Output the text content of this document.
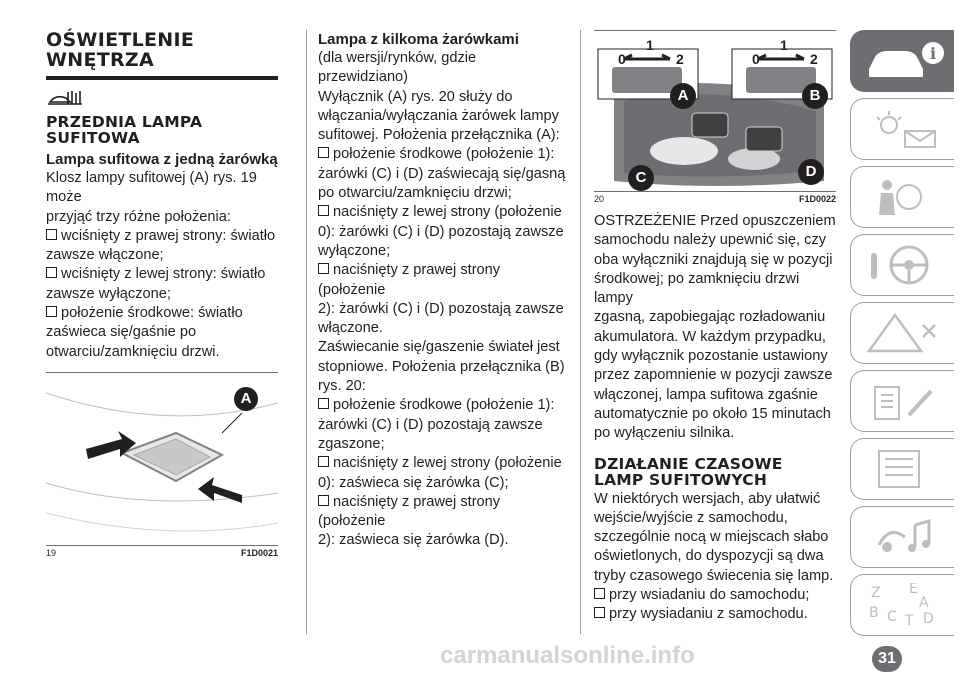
OŚWIETLENIE
WNĘTRZA
PRZEDNIA LAMPA
SUFITOWA

Lampa sufitowa z jedną żarówką

Klosz lampy sufitowej (A) rys. 19 może

przyjąć trzy różne położenia:

wciśnięty z prawej strony: światło

zawsze włączone;

wciśnięty z lewej strony: światło

zawsze wyłączone;

położenie środkowe: światło

zaświeca się/gaśnie po

otwarciu/zamknięciu drzwi.

A
19	F1D0021

Lampa z kilkoma żarówkami

(dla wersji/rynków, gdzie przewidziano)

Wyłącznik (A) rys. 20 służy do

włączania/wyłączania żarówek lampy

sufitowej. Położenia przełącznika (A):

położenie środkowe (położenie 1):

żarówki (C) i (D) zaświecają się/gasną

po otwarciu/zamknięciu drzwi;

naciśnięty z lewej strony (położenie

0): żarówki (C) i (D) pozostają zawsze

wyłączone;

naciśnięty z prawej strony (położenie

2): żarówki (C) i (D) pozostają zawsze

włączone.

Zaświecanie się/gaszenie świateł jest

stopniowe. Położenia przełącznika (B)

rys. 20:

położenie środkowe (położenie 1):

żarówki (C) i (D) pozostają zawsze

zgaszone;

naciśnięty z lewej strony (położenie

0): zaświeca się żarówka (C);

naciśnięty z prawej strony (położenie

2): zaświeca się żarówka (D).

0
1
2	0
1
2
A	B
C	D
20	F1D0022

OSTRZEŻENIE Przed opuszczeniem

samochodu należy upewnić się, czy

oba wyłączniki znajdują się w pozycji

środkowej; po zamknięciu drzwi lampy

zgasną, zapobiegając rozładowaniu

akumulatora. W każdym przypadku,

gdy wyłącznik pozostanie ustawiony

przez zapomnienie w pozycji zawsze

włączonej, lampa sufitowa zgaśnie

automatycznie po około 15 minutach

po wyłączeniu silnika.

DZIAŁANIE CZASOWE
LAMP SUFITOWYCH

W niektórych wersjach, aby ułatwić

wejście/wyjście z samochodu,

szczególnie nocą w miejscach słabo

oświetlonych, do dyspozycji są dwa

tryby czasowego świecenia się lamp.

przy wsiadaniu do samochodu;

przy wysiadaniu z samochodu.

i
Z E
A
B C T D
carmanualsonline.info	31
